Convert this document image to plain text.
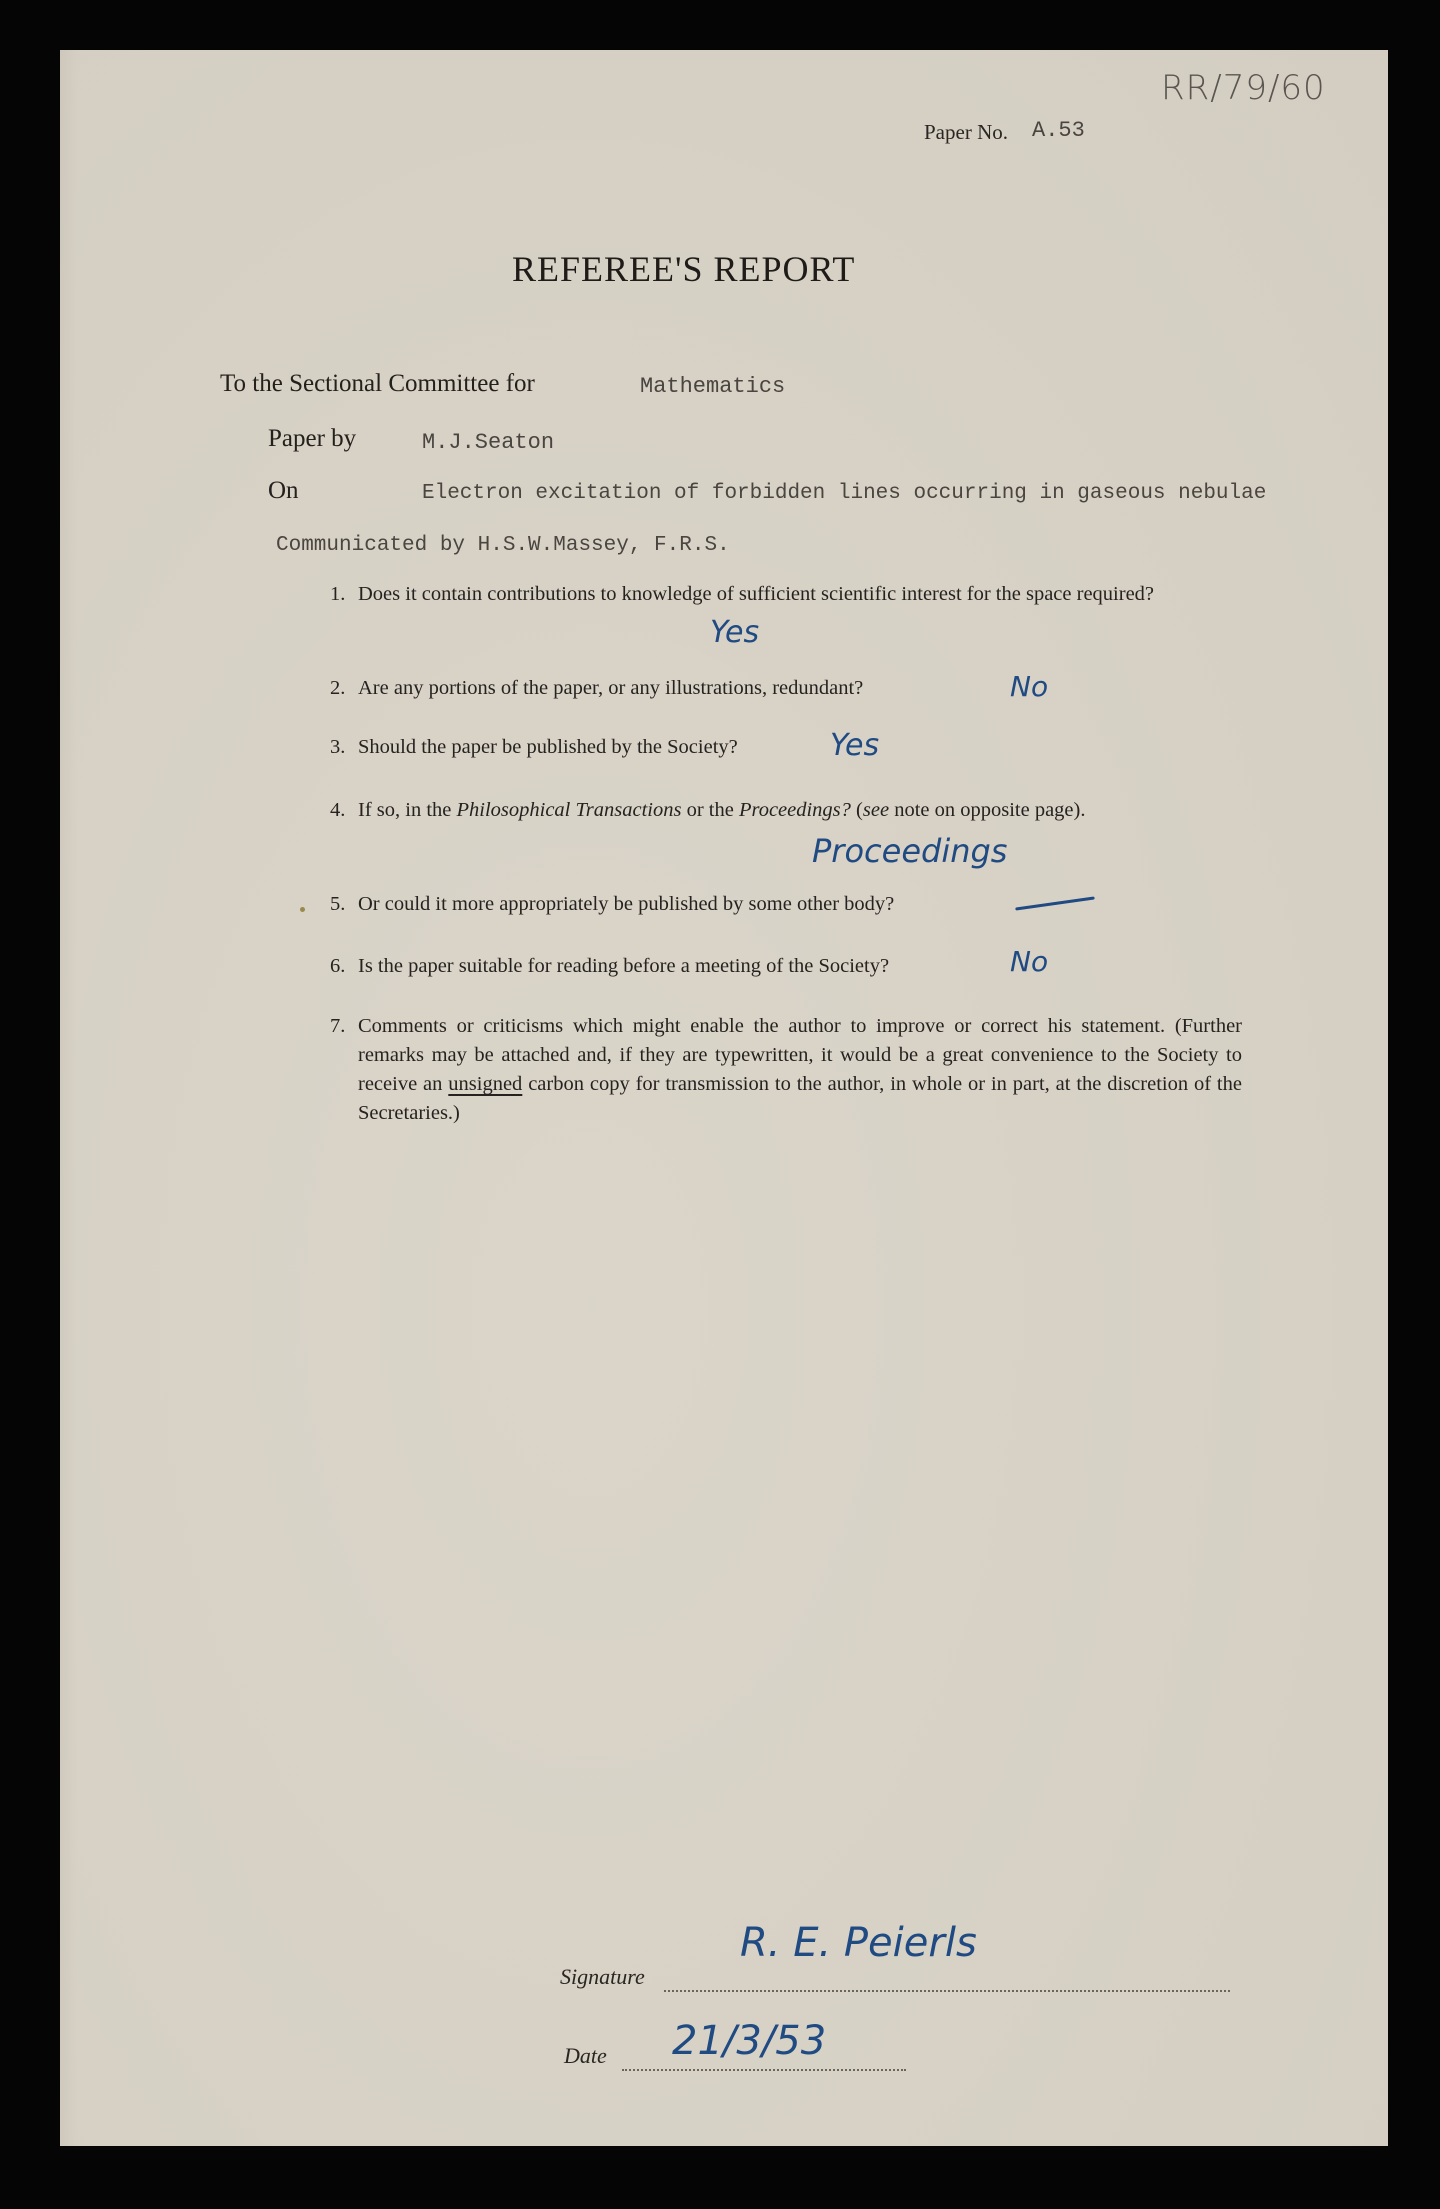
RR/79/60
Paper No. A.53
REFEREE'S REPORT
To the Sectional Committee for	Mathematics
Paper by	M.J.Seaton
On	Electron excitation of forbidden lines occurring in gaseous nebulae
Communicated by H.S.W.Massey, F.R.S.
1. Does it contain contributions to knowledge of sufficient scientific interest for the space required?
Yes
2. Are any portions of the paper, or any illustrations, redundant?	No
3. Should the paper be published by the Society?	Yes
4. If so, in the Philosophical Transactions or the Proceedings? (see note on opposite page).
Proceedings
5. Or could it more appropriately be published by some other body?
6. Is the paper suitable for reading before a meeting of the Society?	No
7. Comments or criticisms which might enable the author to improve or correct his statement. (Further remarks may be attached and, if they are typewritten, it would be a great convenience to the Society to receive an unsigned carbon copy for transmission to the author, in whole or in part, at the discretion of the Secretaries.)
Signature
R. E. Peierls
Date 21/3/53
